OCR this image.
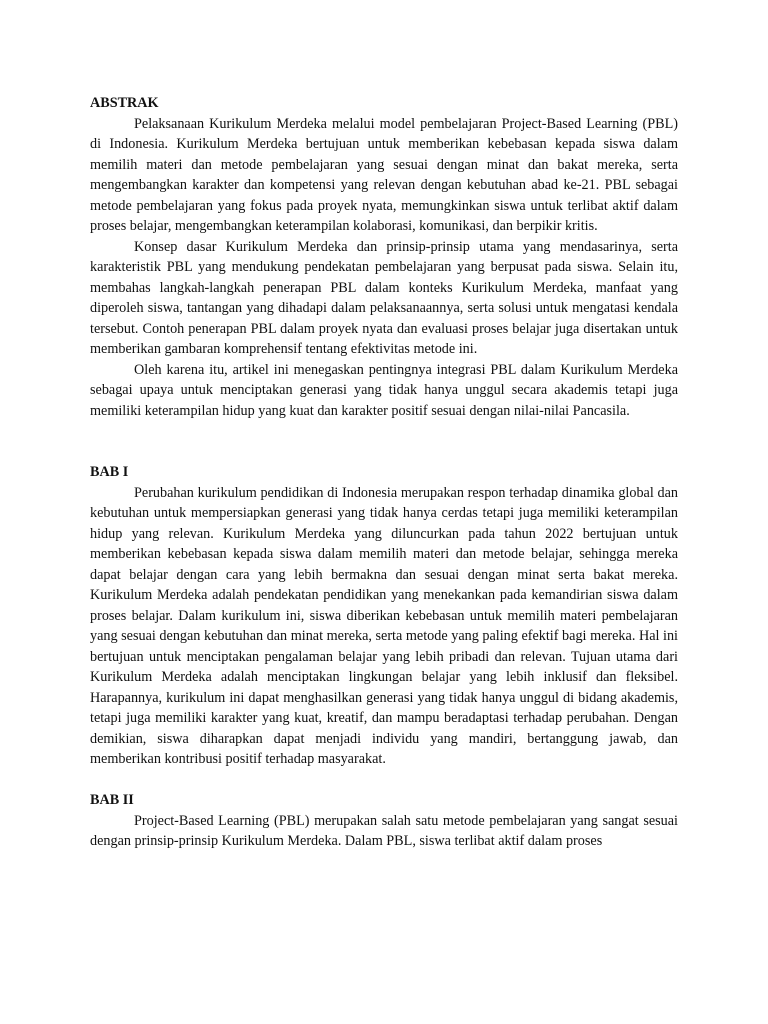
ABSTRAK

Pelaksanaan Kurikulum Merdeka melalui model pembelajaran Project-Based Learning (PBL) di Indonesia. Kurikulum Merdeka bertujuan untuk memberikan kebebasan kepada siswa dalam memilih materi dan metode pembelajaran yang sesuai dengan minat dan bakat mereka, serta mengembangkan karakter dan kompetensi yang relevan dengan kebutuhan abad ke-21. PBL sebagai metode pembelajaran yang fokus pada proyek nyata, memungkinkan siswa untuk terlibat aktif dalam proses belajar, mengembangkan keterampilan kolaborasi, komunikasi, dan berpikir kritis.

Konsep dasar Kurikulum Merdeka dan prinsip-prinsip utama yang mendasarinya, serta karakteristik PBL yang mendukung pendekatan pembelajaran yang berpusat pada siswa. Selain itu, membahas langkah-langkah penerapan PBL dalam konteks Kurikulum Merdeka, manfaat yang diperoleh siswa, tantangan yang dihadapi dalam pelaksanaannya, serta solusi untuk mengatasi kendala tersebut. Contoh penerapan PBL dalam proyek nyata dan evaluasi proses belajar juga disertakan untuk memberikan gambaran komprehensif tentang efektivitas metode ini.

Oleh karena itu, artikel ini menegaskan pentingnya integrasi PBL dalam Kurikulum Merdeka sebagai upaya untuk menciptakan generasi yang tidak hanya unggul secara akademis tetapi juga memiliki keterampilan hidup yang kuat dan karakter positif sesuai dengan nilai-nilai Pancasila.

BAB I

Perubahan kurikulum pendidikan di Indonesia merupakan respon terhadap dinamika global dan kebutuhan untuk mempersiapkan generasi yang tidak hanya cerdas tetapi juga memiliki keterampilan hidup yang relevan. Kurikulum Merdeka yang diluncurkan pada tahun 2022 bertujuan untuk memberikan kebebasan kepada siswa dalam memilih materi dan metode belajar, sehingga mereka dapat belajar dengan cara yang lebih bermakna dan sesuai dengan minat serta bakat mereka. Kurikulum Merdeka adalah pendekatan pendidikan yang menekankan pada kemandirian siswa dalam proses belajar. Dalam kurikulum ini, siswa diberikan kebebasan untuk memilih materi pembelajaran yang sesuai dengan kebutuhan dan minat mereka, serta metode yang paling efektif bagi mereka. Hal ini bertujuan untuk menciptakan pengalaman belajar yang lebih pribadi dan relevan. Tujuan utama dari Kurikulum Merdeka adalah menciptakan lingkungan belajar yang lebih inklusif dan fleksibel. Harapannya, kurikulum ini dapat menghasilkan generasi yang tidak hanya unggul di bidang akademis, tetapi juga memiliki karakter yang kuat, kreatif, dan mampu beradaptasi terhadap perubahan. Dengan demikian, siswa diharapkan dapat menjadi individu yang mandiri, bertanggung jawab, dan memberikan kontribusi positif terhadap masyarakat.

BAB II

Project-Based Learning (PBL) merupakan salah satu metode pembelajaran yang sangat sesuai dengan prinsip-prinsip Kurikulum Merdeka. Dalam PBL, siswa terlibat aktif dalam proses
